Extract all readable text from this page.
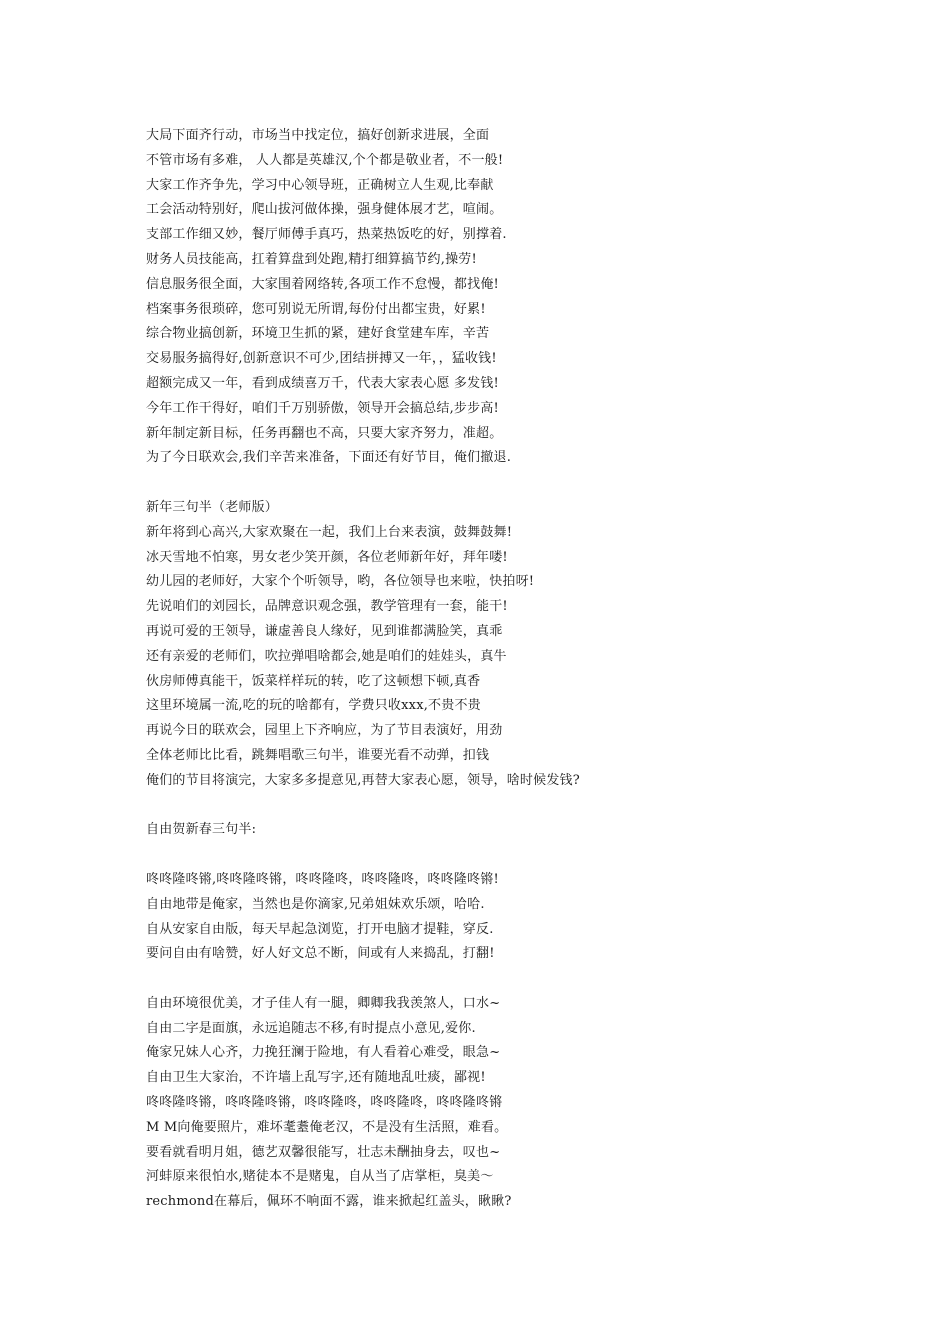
大局下面齐行动，市场当中找定位，搞好创新求进展，全面
不管市场有多难， 人人都是英雄汉,个个都是敬业者，不一般!
大家工作齐争先，学习中心领导班，正确树立人生观,比奉献
工会活动特别好，爬山拔河做体操，强身健体展才艺，喧闹。
支部工作细又妙，餐厅师傅手真巧，热菜热饭吃的好，别撑着.
财务人员技能高，扛着算盘到处跑,精打细算搞节约,操劳!
信息服务很全面，大家围着网络转,各项工作不怠慢，都找俺!
档案事务很琐碎，您可别说无所谓,每份付出都宝贵，好累!
综合物业搞创新，环境卫生抓的紧，建好食堂建车库，辛苦
交易服务搞得好,创新意识不可少,团结拼搏又一年，，猛收钱!
超额完成又一年，看到成绩喜万千，代表大家表心愿 多发钱!
今年工作干得好，咱们千万别骄傲，领导开会搞总结,步步高!
新年制定新目标，任务再翻也不高，只要大家齐努力，准超。
为了今日联欢会,我们辛苦来准备，下面还有好节目，俺们撤退.
新年三句半（老师版）
新年将到心高兴,大家欢聚在一起，我们上台来表演，鼓舞鼓舞!
冰天雪地不怕寒，男女老少笑开颜，各位老师新年好，拜年喽!
幼儿园的老师好，大家个个听领导，哟，各位领导也来啦，快拍呀!
先说咱们的刘园长，品牌意识观念强，教学管理有一套，能干!
再说可爱的王领导，谦虚善良人缘好，见到谁都满脸笑，真乖
还有亲爱的老师们，吹拉弹唱啥都会,她是咱们的娃娃头，真牛
伙房师傅真能干，饭菜样样玩的转，吃了这顿想下顿,真香
这里环境属一流,吃的玩的啥都有，学费只收xxx,不贵不贵
再说今日的联欢会，园里上下齐响应，为了节目表演好，用劲
全体老师比比看，跳舞唱歌三句半，谁要光看不动弹，扣钱
俺们的节目将演完，大家多多提意见,再替大家表心愿，领导，啥时候发钱?
自由贺新春三句半:
咚咚隆咚锵,咚咚隆咚锵，咚咚隆咚，咚咚隆咚，咚咚隆咚锵!
自由地带是俺家，当然也是你滴家,兄弟姐妹欢乐颂，哈哈.
自从安家自由版，每天早起急浏览，打开电脑才提鞋，穿反.
要问自由有啥赞，好人好文总不断，间或有人来捣乱，打翻!
自由环境很优美，才子佳人有一腿，卿卿我我羡煞人，口水~
自由二字是面旗，永远追随志不移,有时提点小意见,爱你.
俺家兄妹人心齐，力挽狂澜于险地，有人看着心难受，眼急~
自由卫生大家治，不许墙上乱写字,还有随地乱吐痰，鄙视!
咚咚隆咚锵，咚咚隆咚锵，咚咚隆咚，咚咚隆咚，咚咚隆咚锵
M M向俺要照片，难坏耄耋俺老汉，不是没有生活照，难看。
要看就看明月姐，德艺双馨很能写，壮志未酬抽身去，叹也~
河蚌原来很怕水,赌徒本不是赌鬼，自从当了店掌柜，臭美～
rechmond在幕后，佩环不响面不露，谁来掀起红盖头，瞅瞅?
